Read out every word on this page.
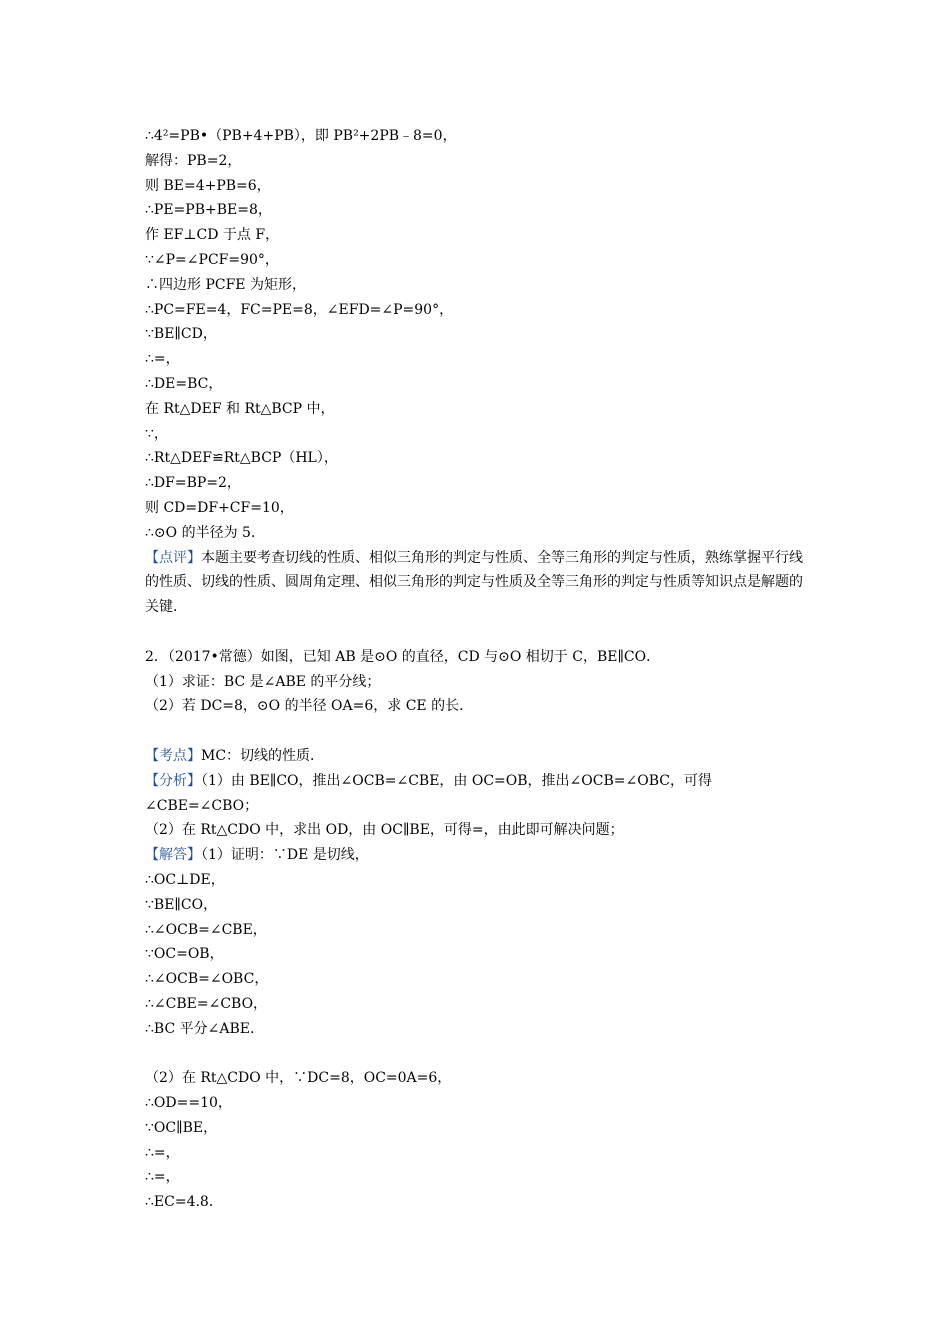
∴4²=PB•（PB+4+PB），即 PB²+2PB﹣8=0，
解得：PB=2，
则 BE=4+PB=6，
∴PE=PB+BE=8，
作 EF⊥CD 于点 F，
∵∠P=∠PCF=90°，
∴四边形 PCFE 为矩形，
∴PC=FE=4，FC=PE=8，∠EFD=∠P=90°，
∵BE∥CD，
∴=，
∴DE=BC，
在 Rt△DEF 和 Rt△BCP 中，
∵，
∴Rt△DEF≌Rt△BCP（HL），
∴DF=BP=2，
则 CD=DF+CF=10，
∴⊙O 的半径为 5．
【点评】本题主要考查切线的性质、相似三角形的判定与性质、全等三角形的判定与性质，熟练掌握平行线的性质、切线的性质、圆周角定理、相似三角形的判定与性质及全等三角形的判定与性质等知识点是解题的关键．
2．（2017•常德）如图，已知 AB 是⊙O 的直径，CD 与⊙O 相切于 C，BE∥CO．
（1）求证：BC 是∠ABE 的平分线；
（2）若 DC=8，⊙O 的半径 OA=6，求 CE 的长．
【考点】MC：切线的性质．
【分析】（1）由 BE∥CO，推出∠OCB=∠CBE，由 OC=OB，推出∠OCB=∠OBC，可得∠CBE=∠CBO；
（2）在 Rt△CDO 中，求出 OD，由 OC∥BE，可得=，由此即可解决问题；
【解答】（1）证明：∵DE 是切线，
∴OC⊥DE，
∵BE∥CO，
∴∠OCB=∠CBE，
∵OC=OB，
∴∠OCB=∠OBC，
∴∠CBE=∠CBO，
∴BC 平分∠ABE．
（2）在 Rt△CDO 中，∵DC=8，OC=0A=6，
∴OD==10，
∵OC∥BE，
∴=，
∴=，
∴EC=4.8．
